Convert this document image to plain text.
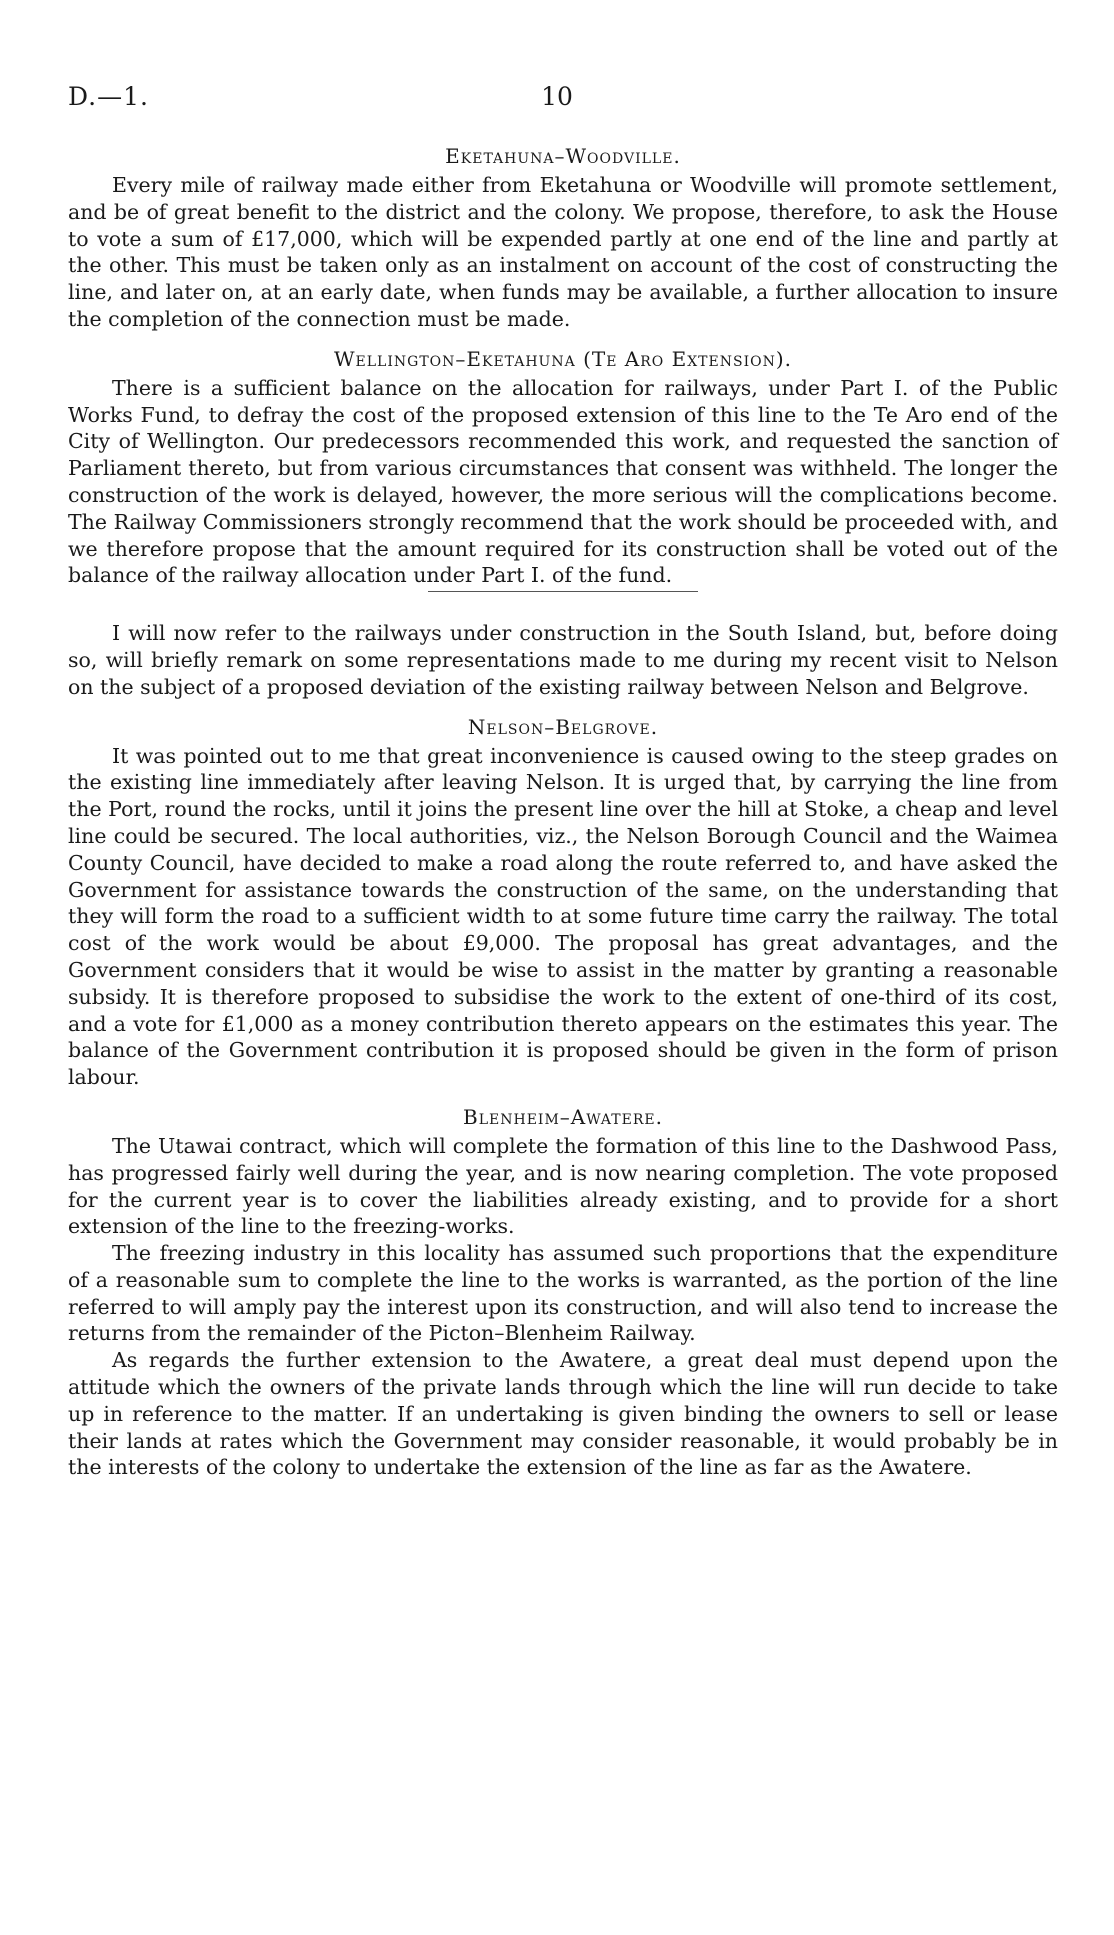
D.—1.	10
Eketahuna–Woodville.

Every mile of railway made either from Eketahuna or Woodville will promote settlement, and be of great benefit to the district and the colony. We propose, therefore, to ask the House to vote a sum of £17,000, which will be expended partly at one end of the line and partly at the other. This must be taken only as an instalment on account of the cost of constructing the line, and later on, at an early date, when funds may be available, a further allocation to insure the completion of the connection must be made.

Wellington–Eketahuna (Te Aro Extension).

There is a sufficient balance on the allocation for railways, under Part I. of the Public Works Fund, to defray the cost of the proposed extension of this line to the Te Aro end of the City of Wellington. Our predecessors recommended this work, and requested the sanction of Parliament thereto, but from various circumstances that consent was withheld. The longer the construction of the work is delayed, however, the more serious will the complications become. The Railway Commissioners strongly recommend that the work should be proceeded with, and we therefore propose that the amount required for its construction shall be voted out of the balance of the railway allocation under Part I. of the fund.

I will now refer to the railways under construction in the South Island, but, before doing so, will briefly remark on some representations made to me during my recent visit to Nelson on the subject of a proposed deviation of the existing railway between Nelson and Belgrove.

Nelson–Belgrove.

It was pointed out to me that great inconvenience is caused owing to the steep grades on the existing line immediately after leaving Nelson. It is urged that, by carrying the line from the Port, round the rocks, until it joins the present line over the hill at Stoke, a cheap and level line could be secured. The local authorities, viz., the Nelson Borough Council and the Waimea County Council, have decided to make a road along the route referred to, and have asked the Government for assistance towards the construction of the same, on the understanding that they will form the road to a sufficient width to at some future time carry the railway. The total cost of the work would be about £9,000. The proposal has great advantages, and the Government considers that it would be wise to assist in the matter by granting a reasonable subsidy. It is therefore proposed to subsidise the work to the extent of one-third of its cost, and a vote for £1,000 as a money contribution thereto appears on the estimates this year. The balance of the Government contribution it is proposed should be given in the form of prison labour.

Blenheim–Awatere.

The Utawai contract, which will complete the formation of this line to the Dashwood Pass, has progressed fairly well during the year, and is now nearing completion. The vote proposed for the current year is to cover the liabilities already existing, and to provide for a short extension of the line to the freezing-works.

The freezing industry in this locality has assumed such proportions that the expenditure of a reasonable sum to complete the line to the works is warranted, as the portion of the line referred to will amply pay the interest upon its construction, and will also tend to increase the returns from the remainder of the Picton–Blenheim Railway.

As regards the further extension to the Awatere, a great deal must depend upon the attitude which the owners of the private lands through which the line will run decide to take up in reference to the matter. If an undertaking is given binding the owners to sell or lease their lands at rates which the Government may consider reasonable, it would probably be in the interests of the colony to undertake the extension of the line as far as the Awatere.
